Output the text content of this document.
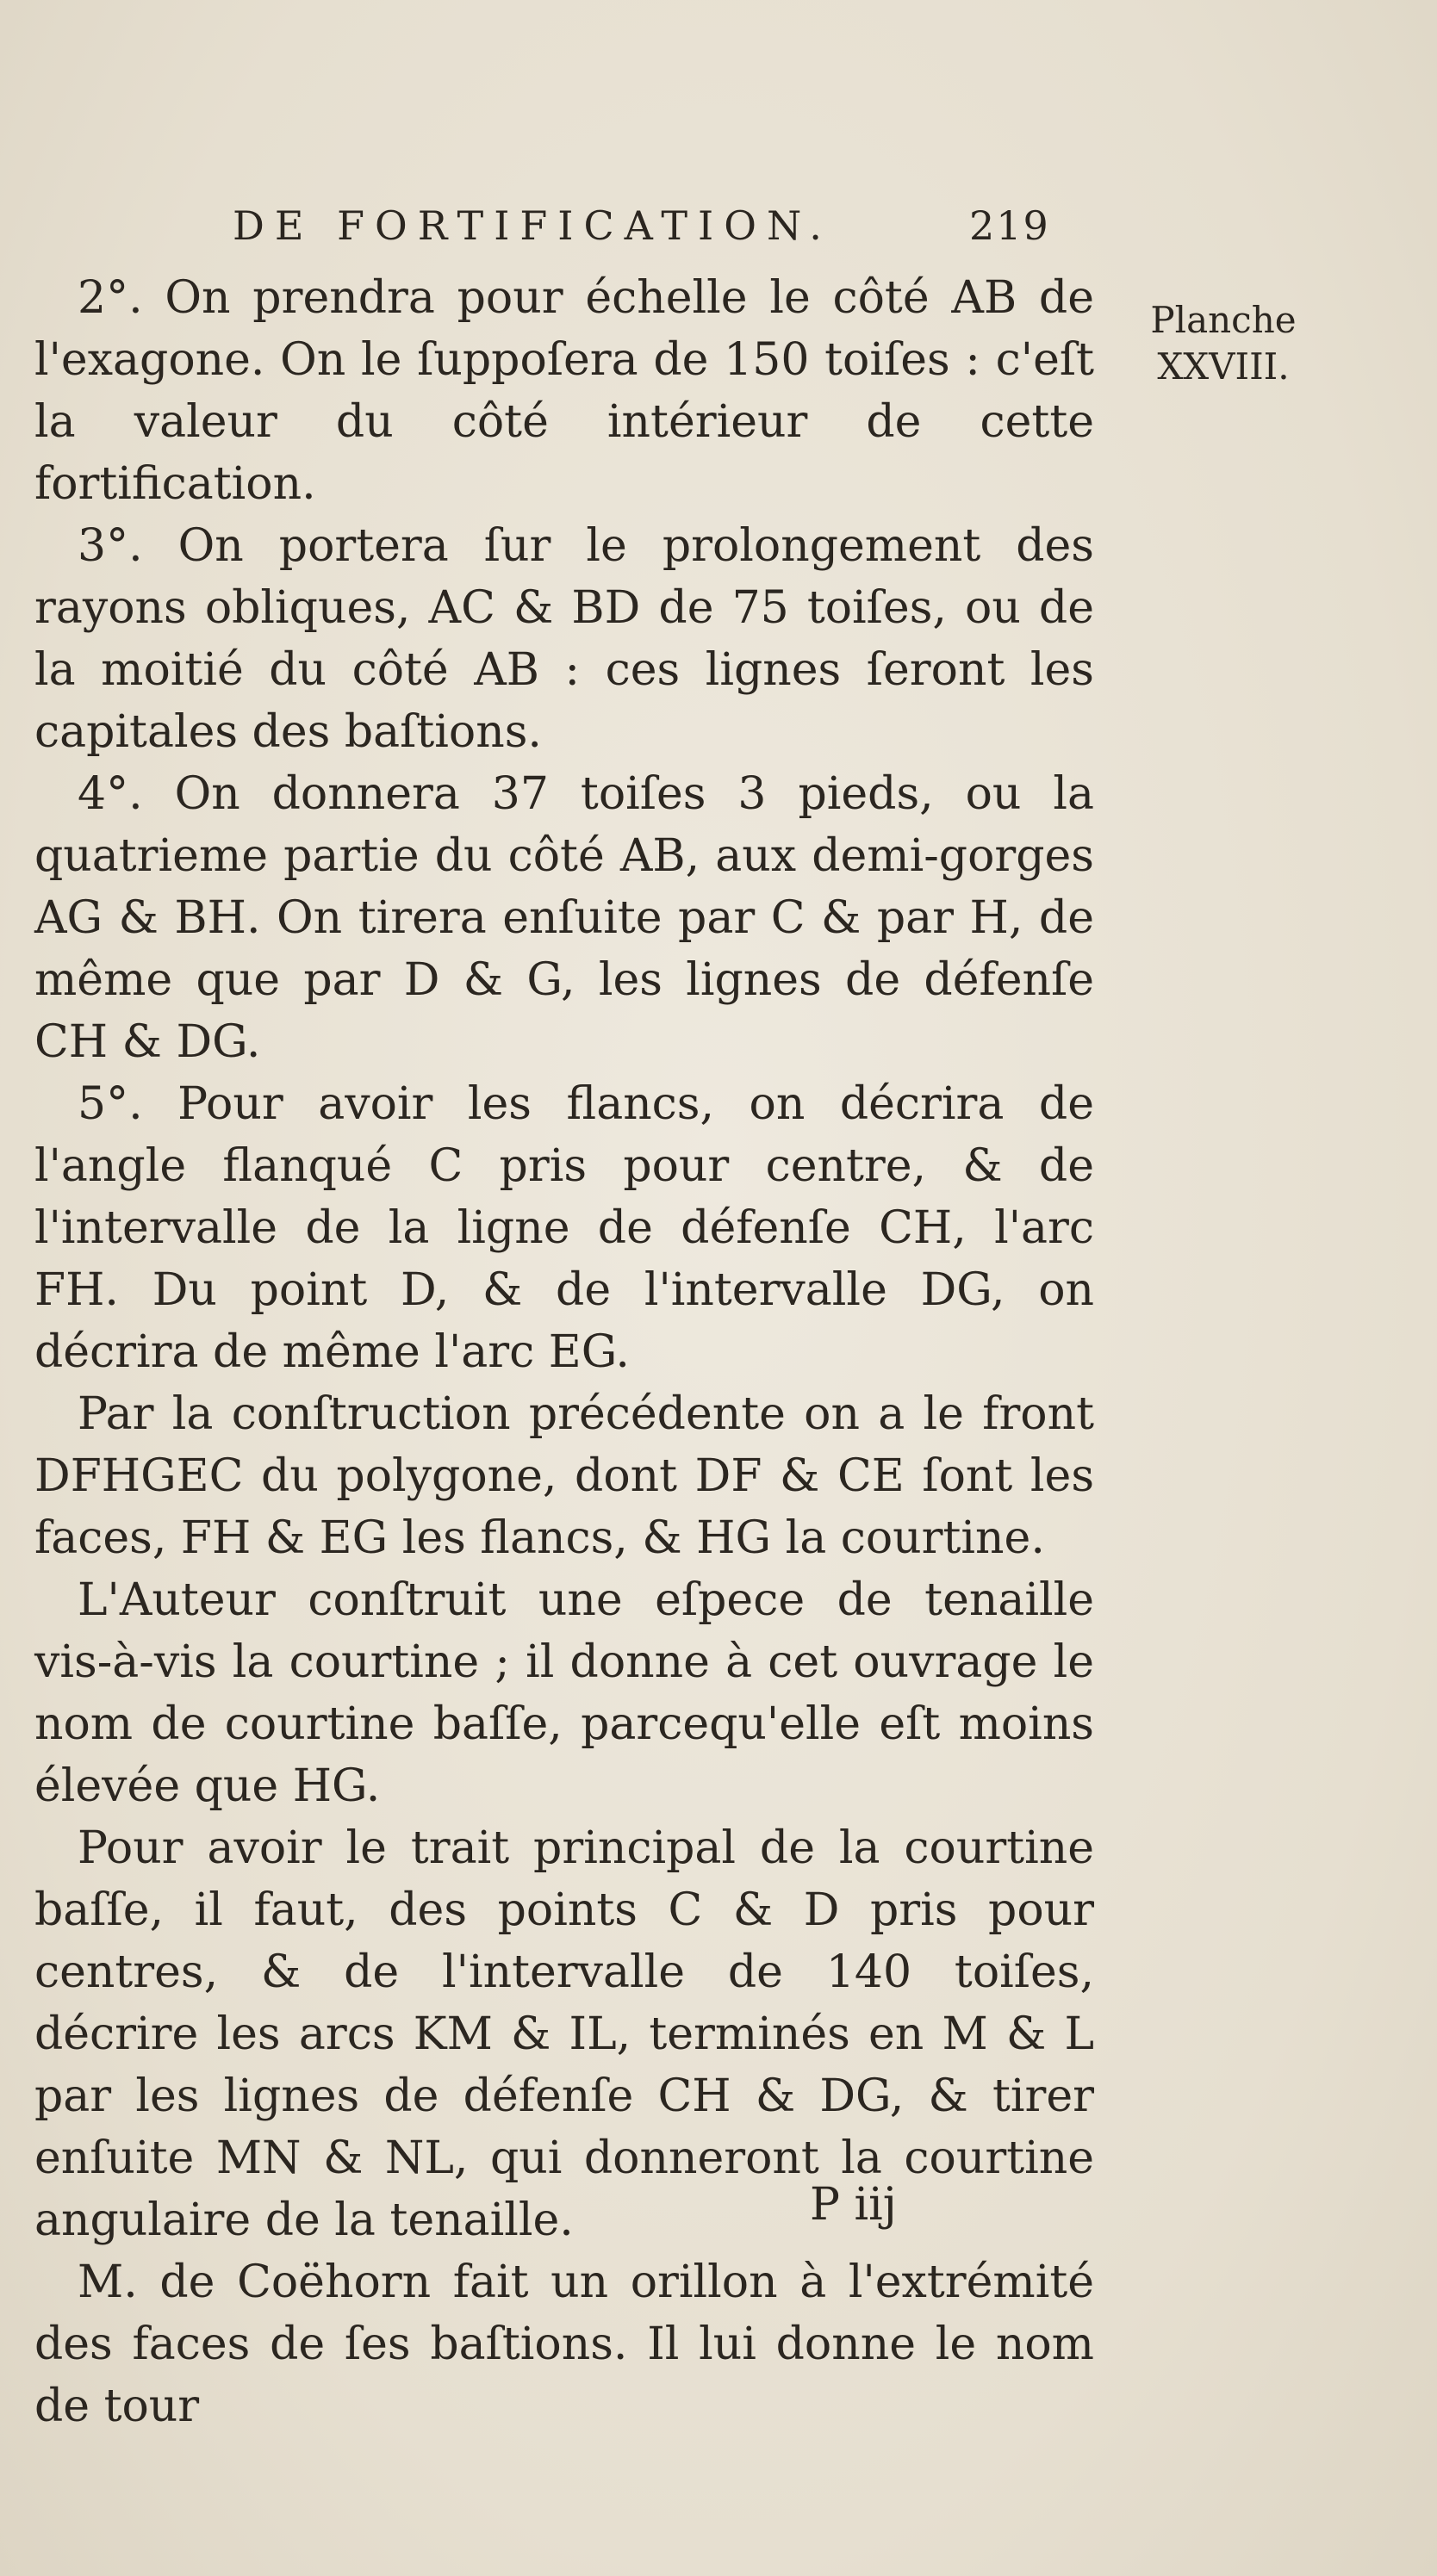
DE FORTIFICATION.	219
Planche
XXVIII.

2°. On prendra pour échelle le côté AB de l'exagone. On le ſuppoſera de 150 toiſes : c'eſt la valeur du côté intérieur de cette fortification.

3°. On portera ſur le prolongement des rayons obliques, AC & BD de 75 toiſes, ou de la moitié du côté AB : ces lignes ſeront les capitales des baſtions.

4°. On donnera 37 toiſes 3 pieds, ou la quatrieme partie du côté AB, aux demi-gorges AG & BH. On tirera enſuite par C & par H, de même que par D & G, les lignes de défenſe CH & DG.

5°. Pour avoir les flancs, on décrira de l'angle flanqué C pris pour centre, & de l'intervalle de la ligne de défenſe CH, l'arc FH. Du point D, & de l'intervalle DG, on décrira de même l'arc EG.

Par la conſtruction précédente on a le front DFHGEC du polygone, dont DF & CE ſont les faces, FH & EG les flancs, & HG la courtine.

L'Auteur conſtruit une eſpece de tenaille vis-à-vis la courtine ; il donne à cet ouvrage le nom de courtine baſſe, parcequ'elle eſt moins élevée que HG.

Pour avoir le trait principal de la courtine baſſe, il faut, des points C & D pris pour centres, & de l'intervalle de 140 toiſes, décrire les arcs KM & IL, terminés en M & L par les lignes de défenſe CH & DG, & tirer enſuite MN & NL, qui donneront la courtine angulaire de la tenaille.

M. de Coëhorn fait un orillon à l'extrémité des faces de ſes baſtions. Il lui donne le nom de tour

P iij
